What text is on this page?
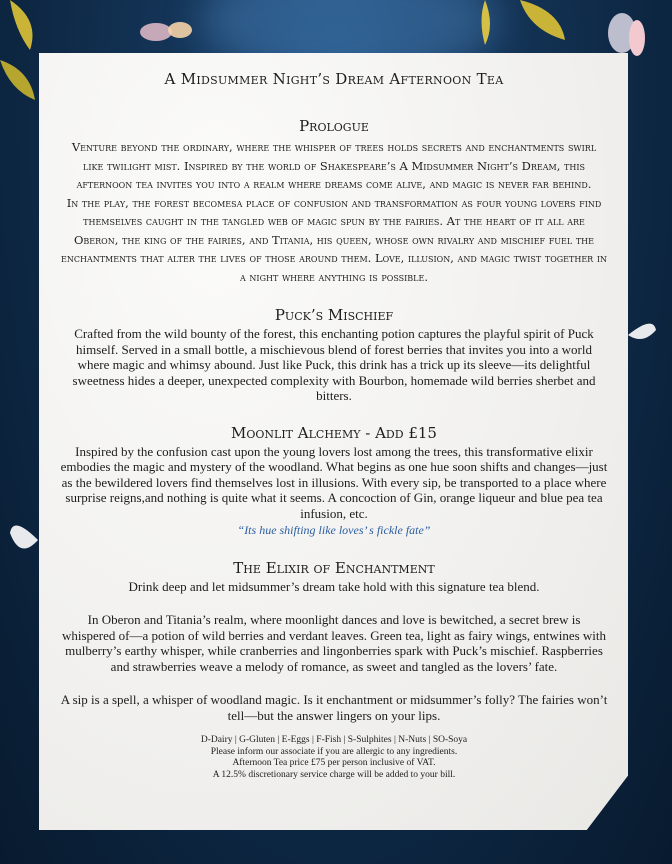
A Midsummer Night’s Dream Afternoon Tea
Prologue

Venture beyond the ordinary, where the whisper of trees holds secrets and enchantments swirl like twilight mist. Inspired by the world of Shakespeare’s A Midsummer Night’s Dream, this afternoon tea invites you into a realm where dreams come alive, and magic is never far behind.

In the play, the forest becomesa place of confusion and transformation as four young lovers find themselves caught in the tangled web of magic spun by the fairies. At the heart of it all are Oberon, the king of the fairies, and Titania, his queen, whose own rivalry and mischief fuel the enchantments that alter the lives of those around them. Love, illusion, and magic twist together in a night where anything is possible.

Puck’s Mischief
Crafted from the wild bounty of the forest, this enchanting potion captures the playful spirit of Puck himself. Served in a small bottle, a mischievous blend of forest berries that invites you into a world where magic and whimsy abound. Just like Puck, this drink has a trick up its sleeve—its delightful sweetness hides a deeper, unexpected complexity with Bourbon, homemade wild berries sherbet and bitters.
Moonlit Alchemy - Add £15
Inspired by the confusion cast upon the young lovers lost among the trees, this transformative elixir embodies the magic and mystery of the woodland. What begins as one hue soon shifts and changes—just as the bewildered lovers find themselves lost in illusions. With every sip, be transported to a place where surprise reigns,and nothing is quite what it seems. A concoction of Gin, orange liqueur and blue pea tea infusion, etc.
“Its hue shifting like loves’ s fickle fate”
The Elixir of Enchantment
Drink deep and let midsummer’s dream take hold with this signature tea blend.
In Oberon and Titania’s realm, where moonlight dances and love is bewitched, a secret brew is whispered of—a potion of wild berries and verdant leaves. Green tea, light as fairy wings, entwines with mulberry’s earthy whisper, while cranberries and lingonberries spark with Puck’s mischief. Raspberries and strawberries weave a melody of romance, as sweet and tangled as the lovers’ fate.
A sip is a spell, a whisper of woodland magic. Is it enchantment or midsummer’s folly? The fairies won’t tell—but the answer lingers on your lips.
D-Dairy | G-Gluten | E-Eggs | F-Fish | S-Sulphites | N-Nuts | SO-Soya
Please inform our associate if you are allergic to any ingredients.
Afternoon Tea price £75 per person inclusive of VAT.
A 12.5% discretionary service charge will be added to your bill.
